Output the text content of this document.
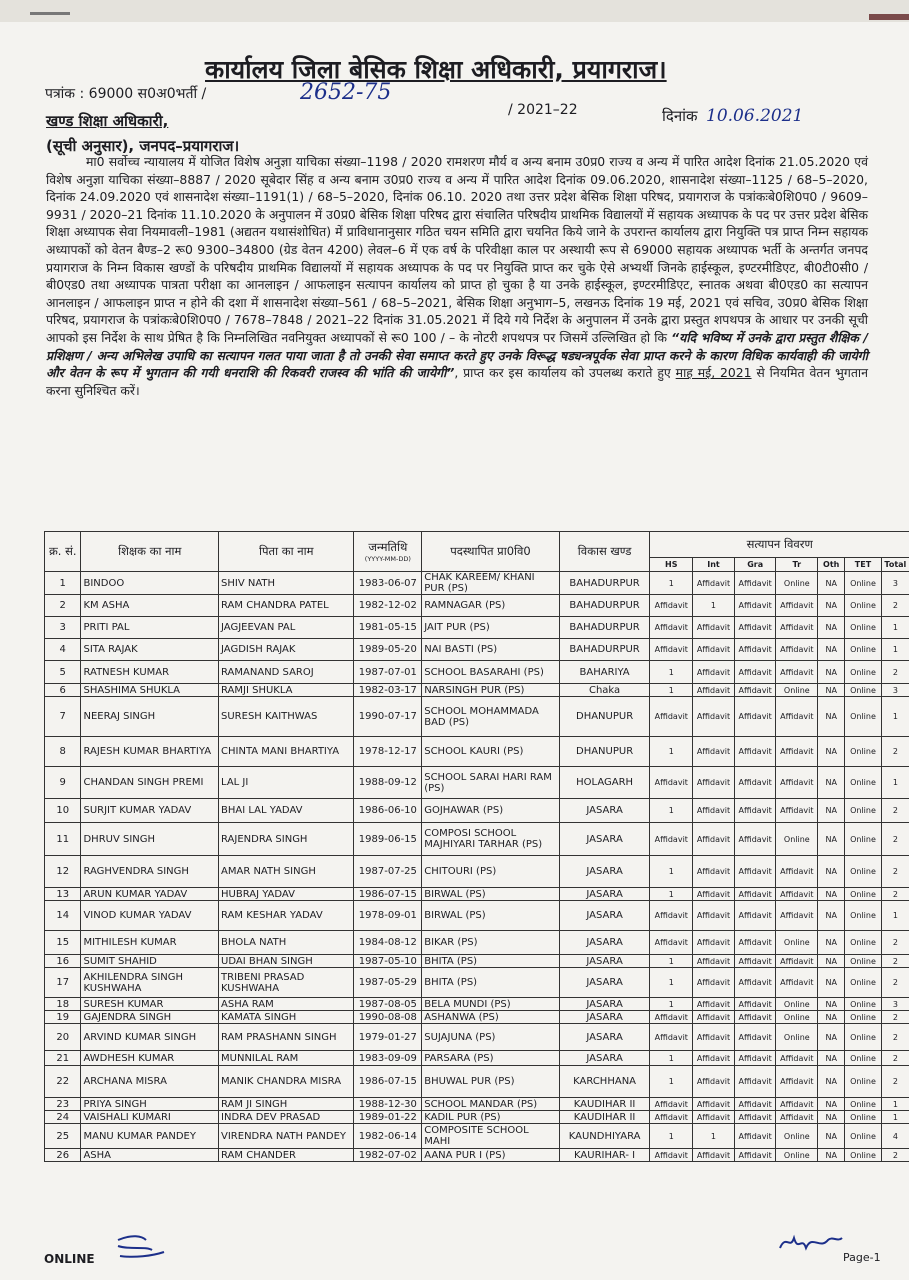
कार्यालय जिला बेसिक शिक्षा अधिकारी, प्रयागराज।
पत्रांक : 69000 स0अ0भर्ती /	2652-75
/ 2021–22	दिनांक 10.06.2021
खण्ड शिक्षा अधिकारी,
(सूची अनुसार), जनपद–प्रयागराज।
मा0 सर्वोच्च न्यायालय में योजित विशेष अनुज्ञा याचिका संख्या–1198 / 2020 रामशरण मौर्य व अन्य बनाम उ0प्र0 राज्य व अन्य में पारित आदेश दिनांक 21.05.2020 एवं विशेष अनुज्ञा याचिका संख्या–8887 / 2020 सूबेदार सिंह व अन्य बनाम उ0प्र0 राज्य व अन्य में पारित आदेश दिनांक 09.06.2020, शासनादेश संख्या–1125 / 68–5–2020, दिनांक 24.09.2020 एवं शासनादेश संख्या–1191(1) / 68–5–2020, दिनांक 06.10. 2020 तथा उत्तर प्रदेश बेसिक शिक्षा परिषद, प्रयागराज के पत्रांकःबे0शि0प0 / 9609–9931 / 2020–21 दिनांक 11.10.2020 के अनुपालन में उ0प्र0 बेसिक शिक्षा परिषद द्वारा संचालित परिषदीय प्राथमिक विद्यालयों में सहायक अध्यापक के पद पर उत्तर प्रदेश बेसिक शिक्षा अध्यापक सेवा नियमावली–1981 (अद्यतन यथासंशोधित) में प्राविधानानुसार गठित चयन समिति द्वारा चयनित किये जाने के उपरान्त कार्यालय द्वारा नियुक्ति पत्र प्राप्त निम्न सहायक अध्यापकों को वेतन बैण्ड–2 रू0 9300–34800 (ग्रेड वेतन 4200) लेवल–6 में एक वर्ष के परिवीक्षा काल पर अस्थायी रूप से 69000 सहायक अध्यापक भर्ती के अन्तर्गत जनपद प्रयागराज के निम्न विकास खण्डों के परिषदीय प्राथमिक विद्यालयों में सहायक अध्यापक के पद पर नियुक्ति प्राप्त कर चुके ऐसे अभ्यर्थी जिनके हाईस्कूल, इण्टरमीडिएट, बी0टी0सी0 / बी0एड0 तथा अध्यापक पात्रता परीक्षा का आनलाइन / आफलाइन सत्यापन कार्यालय को प्राप्त हो चुका है या उनके हाईस्कूल, इण्टरमीडिएट, स्नातक अथवा बी0एड0 का सत्यापन आनलाइन / आफलाइन प्राप्त न होने की दशा में शासनादेश संख्या–561 / 68–5–2021, बेसिक शिक्षा अनुभाग–5, लखनऊ दिनांक 19 मई, 2021 एवं सचिव, उ0प्र0 बेसिक शिक्षा परिषद, प्रयागराज के पत्रांकःबे0शि0प0 / 7678–7848 / 2021–22 दिनांक 31.05.2021 में दिये गये निर्देश के अनुपालन में उनके द्वारा प्रस्तुत शपथपत्र के आधार पर उनकी सूची आपको इस निर्देश के साथ प्रेषित है कि निम्नलिखित नवनियुक्त अध्यापकों से रू0 100 / – के नोटरी शपथपत्र पर जिसमें उल्लिखित हो कि “यदि भविष्य में उनके द्वारा प्रस्तुत शैक्षिक / प्रशिक्षण / अन्य अभिलेख उपाधि का सत्यापन गलत पाया जाता है तो उनकी सेवा समाप्त करते हुए उनके विरूद्ध षड्यन्त्रपूर्वक सेवा प्राप्त करने के कारण विधिक कार्यवाही की जायेगी और वेतन के रूप में भुगतान की गयी धनराशि की रिकवरी राजस्व की भांति की जायेगी”, प्राप्त कर इस कार्यालय को उपलब्ध कराते हुए माह मई, 2021 से नियमित वेतन भुगतान करना सुनिश्चित करें।
क्र. सं.	शिक्षक का नाम	पिता का नाम	जन्मतिथि
(YYYY-MM-DD)	पदस्थापित प्रा0वि0	विकास खण्ड	सत्यापन विवरण						
						HS	Int	Gra	Tr	Oth	TET	Total
1	BINDOO	SHIV NATH	1983-06-07	CHAK KAREEM/ KHANI PUR (PS)	BAHADURPUR	1	Affidavit	Affidavit	Online	NA	Online	3
2	KM ASHA	RAM CHANDRA PATEL	1982-12-02	RAMNAGAR (PS)	BAHADURPUR	Affidavit	1	Affidavit	Affidavit	NA	Online	2
3	PRITI PAL	JAGJEEVAN PAL	1981-05-15	JAIT PUR (PS)	BAHADURPUR	Affidavit	Affidavit	Affidavit	Affidavit	NA	Online	1
4	SITA RAJAK	JAGDISH RAJAK	1989-05-20	NAI BASTI (PS)	BAHADURPUR	Affidavit	Affidavit	Affidavit	Affidavit	NA	Online	1
5	RATNESH KUMAR	RAMANAND SAROJ	1987-07-01	SCHOOL BASARAHI (PS)	BAHARIYA	1	Affidavit	Affidavit	Affidavit	NA	Online	2
6	SHASHIMA SHUKLA	RAMJI SHUKLA	1982-03-17	NARSINGH PUR (PS)	Chaka	1	Affidavit	Affidavit	Online	NA	Online	3
7	NEERAJ SINGH	SURESH KAITHWAS	1990-07-17	SCHOOL MOHAMMADA BAD (PS)	DHANUPUR	Affidavit	Affidavit	Affidavit	Affidavit	NA	Online	1
8	RAJESH KUMAR BHARTIYA	CHINTA MANI BHARTIYA	1978-12-17	SCHOOL KAURI (PS)	DHANUPUR	1	Affidavit	Affidavit	Affidavit	NA	Online	2
9	CHANDAN SINGH PREMI	LAL JI	1988-09-12	SCHOOL SARAI HARI RAM (PS)	HOLAGARH	Affidavit	Affidavit	Affidavit	Affidavit	NA	Online	1
10	SURJIT KUMAR YADAV	BHAI LAL YADAV	1986-06-10	GOJHAWAR (PS)	JASARA	1	Affidavit	Affidavit	Affidavit	NA	Online	2
11	DHRUV SINGH	RAJENDRA SINGH	1989-06-15	COMPOSI SCHOOL MAJHIYARI TARHAR (PS)	JASARA	Affidavit	Affidavit	Affidavit	Online	NA	Online	2
12	RAGHVENDRA SINGH	AMAR NATH SINGH	1987-07-25	CHITOURI (PS)	JASARA	1	Affidavit	Affidavit	Affidavit	NA	Online	2
13	ARUN KUMAR YADAV	HUBRAJ YADAV	1986-07-15	BIRWAL (PS)	JASARA	1	Affidavit	Affidavit	Affidavit	NA	Online	2
14	VINOD KUMAR YADAV	RAM KESHAR YADAV	1978-09-01	BIRWAL (PS)	JASARA	Affidavit	Affidavit	Affidavit	Affidavit	NA	Online	1
15	MITHILESH KUMAR	BHOLA NATH	1984-08-12	BIKAR (PS)	JASARA	Affidavit	Affidavit	Affidavit	Online	NA	Online	2
16	SUMIT SHAHID	UDAI BHAN SINGH	1987-05-10	BHITA (PS)	JASARA	1	Affidavit	Affidavit	Affidavit	NA	Online	2
17	AKHILENDRA SINGH KUSHWAHA	TRIBENI PRASAD KUSHWAHA	1987-05-29	BHITA (PS)	JASARA	1	Affidavit	Affidavit	Affidavit	NA	Online	2
18	SURESH KUMAR	ASHA RAM	1987-08-05	BELA MUNDI (PS)	JASARA	1	Affidavit	Affidavit	Online	NA	Online	3
19	GAJENDRA SINGH	KAMATA SINGH	1990-08-08	ASHANWA (PS)	JASARA	Affidavit	Affidavit	Affidavit	Online	NA	Online	2
20	ARVIND KUMAR SINGH	RAM PRASHANN SINGH	1979-01-27	SUJAJUNA (PS)	JASARA	Affidavit	Affidavit	Affidavit	Online	NA	Online	2
21	AWDHESH KUMAR	MUNNILAL RAM	1983-09-09	PARSARA (PS)	JASARA	1	Affidavit	Affidavit	Affidavit	NA	Online	2
22	ARCHANA MISRA	MANIK CHANDRA MISRA	1986-07-15	BHUWAL PUR (PS)	KARCHHANA	1	Affidavit	Affidavit	Affidavit	NA	Online	2
23	PRIYA SINGH	RAM JI SINGH	1988-12-30	SCHOOL MANDAR (PS)	KAUDIHAR II	Affidavit	Affidavit	Affidavit	Affidavit	NA	Online	1
24	VAISHALI KUMARI	INDRA DEV PRASAD	1989-01-22	KADIL PUR (PS)	KAUDIHAR II	Affidavit	Affidavit	Affidavit	Affidavit	NA	Online	1
25	MANU KUMAR PANDEY	VIRENDRA NATH PANDEY	1982-06-14	COMPOSITE SCHOOL MAHI	KAUNDHIYARA	1	1	Affidavit	Online	NA	Online	4
26	ASHA	RAM CHANDER	1982-07-02	AANA PUR I (PS)	KAURIHAR- I	Affidavit	Affidavit	Affidavit	Online	NA	Online	2
ONLINE	Page-1
